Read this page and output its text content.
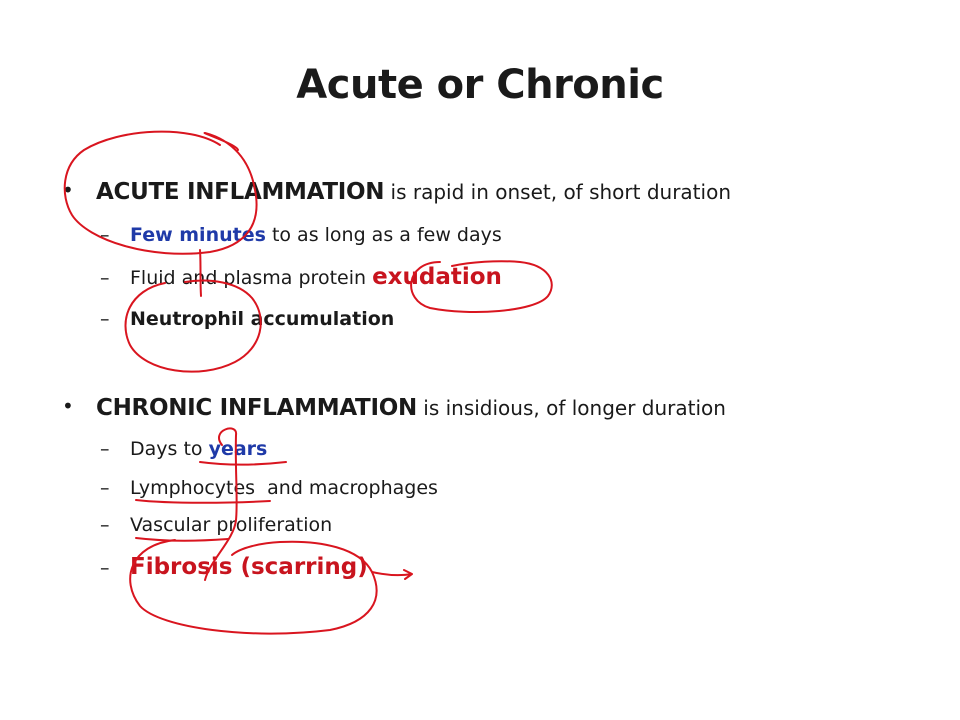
Acute or Chronic
• ACUTE INFLAMMATION is rapid in onset, of short duration
– Few minutes to as long as a few days
– Fluid and plasma protein exudation
– Neutrophil accumulation
• CHRONIC INFLAMMATION is insidious, of longer duration
– Days to years
– Lymphocytes  and macrophages
– Vascular proliferation
– Fibrosis (scarring)
